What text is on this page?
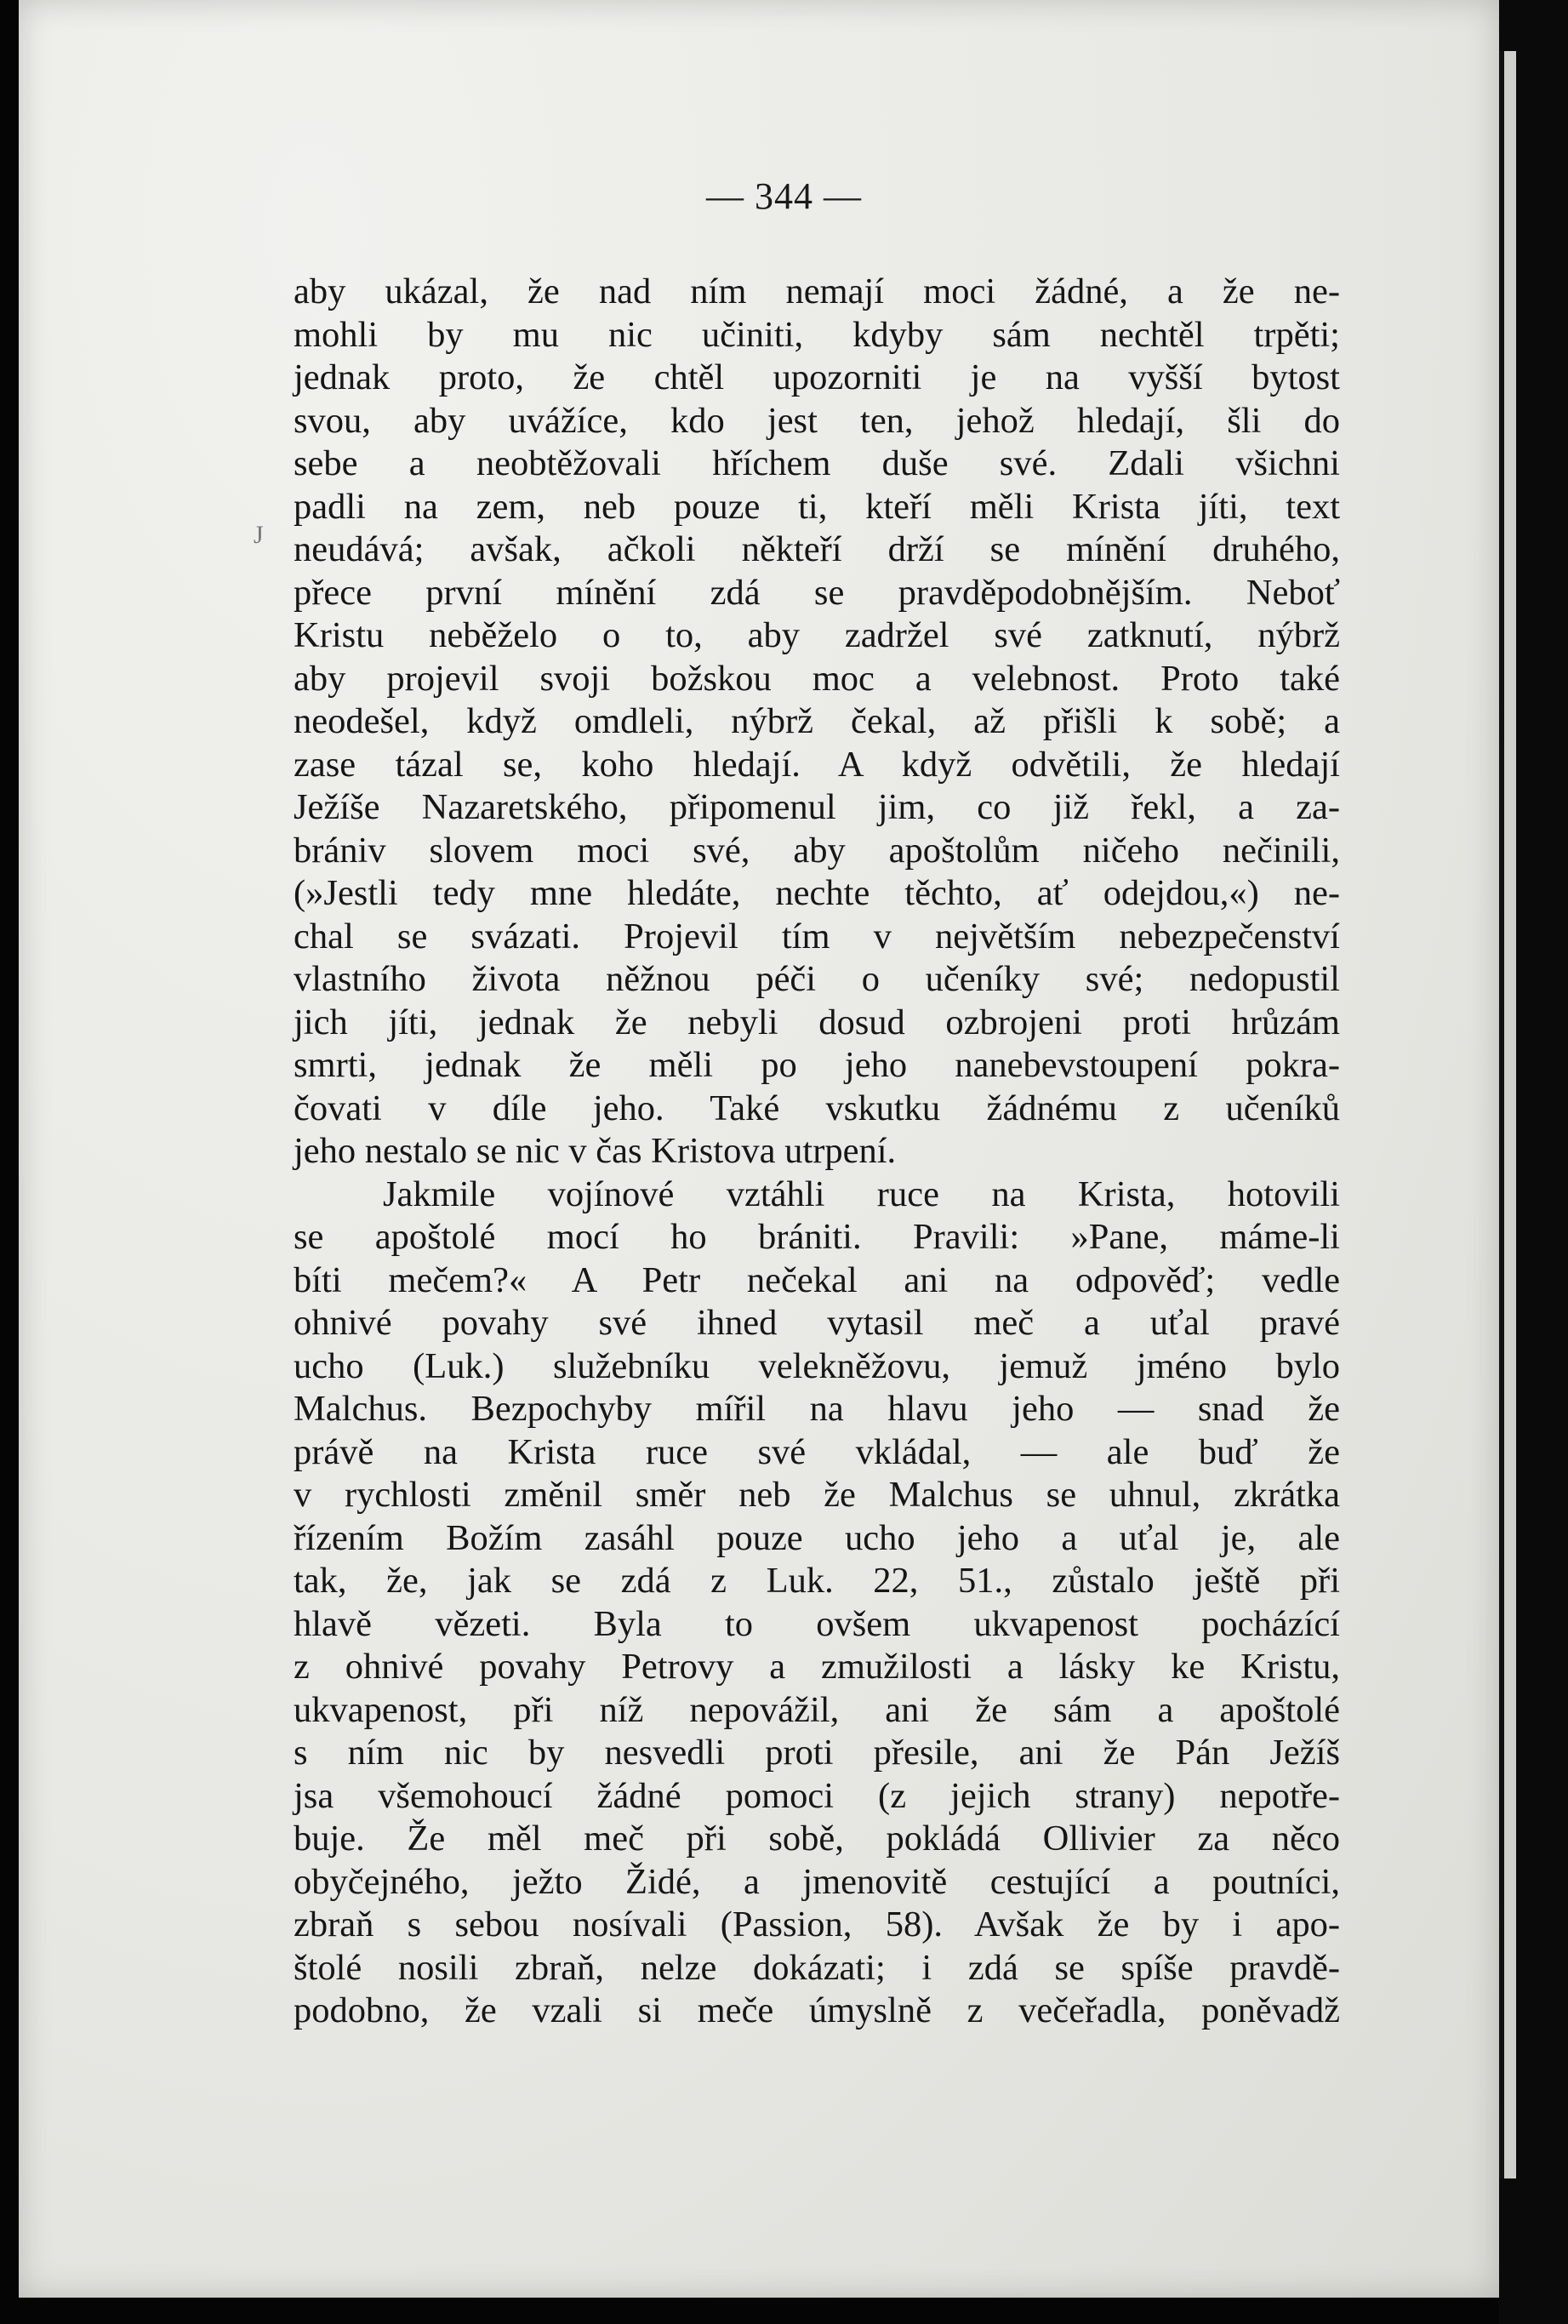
— 344 —
J
aby ukázal, že nad ním nemají moci žádné, a že ne-
mohli by mu nic učiniti, kdyby sám nechtěl trpěti;
jednak proto, že chtěl upozorniti je na vyšší bytost
svou, aby uvážíce, kdo jest ten, jehož hledají, šli do
sebe a neobtěžovali hříchem duše své. Zdali všichni
padli na zem, neb pouze ti, kteří měli Krista jíti, text
neudává; avšak, ačkoli někteří drží se mínění druhého,
přece první mínění zdá se pravděpodobnějším. Neboť
Kristu neběželo o to, aby zadržel své zatknutí, nýbrž
aby projevil svoji božskou moc a velebnost. Proto také
neodešel, když omdleli, nýbrž čekal, až přišli k sobě; a
zase tázal se, koho hledají. A když odvětili, že hledají
Ježíše Nazaretského, připomenul jim, co již řekl, a za-
brániv slovem moci své, aby apoštolům ničeho nečinili,
(»Jestli tedy mne hledáte, nechte těchto, ať odejdou,«) ne-
chal se svázati. Projevil tím v největším nebezpečenství
vlastního života něžnou péči o učeníky své; nedopustil
jich jíti, jednak že nebyli dosud ozbrojeni proti hrůzám
smrti, jednak že měli po jeho nanebevstoupení pokra-
čovati v díle jeho. Také vskutku žádnému z učeníků
jeho nestalo se nic v čas Kristova utrpení.
Jakmile vojínové vztáhli ruce na Krista, hotovili
se apoštolé mocí ho brániti. Pravili: »Pane, máme-li
bíti mečem?« A Petr nečekal ani na odpověď; vedle
ohnivé povahy své ihned vytasil meč a uťal pravé
ucho (Luk.) služebníku velekněžovu, jemuž jméno bylo
Malchus. Bezpochyby mířil na hlavu jeho — snad že
právě na Krista ruce své vkládal, — ale buď že
v rychlosti změnil směr neb že Malchus se uhnul, zkrátka
řízením Božím zasáhl pouze ucho jeho a uťal je, ale
tak, že, jak se zdá z Luk. 22, 51., zůstalo ještě při
hlavě vězeti. Byla to ovšem ukvapenost pocházící
z ohnivé povahy Petrovy a zmužilosti a lásky ke Kristu,
ukvapenost, při níž nepovážil, ani že sám a apoštolé
s ním nic by nesvedli proti přesile, ani že Pán Ježíš
jsa všemohoucí žádné pomoci (z jejich strany) nepotře-
buje. Že měl meč při sobě, pokládá Ollivier za něco
obyčejného, ježto Židé, a jmenovitě cestující a poutníci,
zbraň s sebou nosívali (Passion, 58). Avšak že by i apo-
štolé nosili zbraň, nelze dokázati; i zdá se spíše pravdě-
podobno, že vzali si meče úmyslně z večeřadla, poněvadž
